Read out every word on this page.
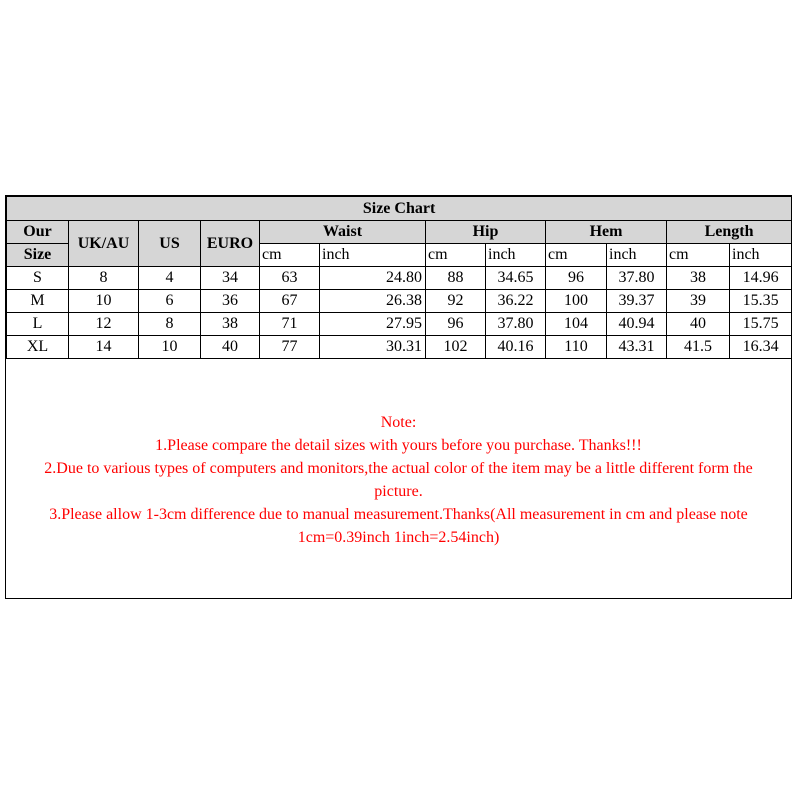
Size Chart											
Our	UK/AU	US	EURO	Waist		Hip		Hem		Length	
Size				cm	inch	cm	inch	cm	inch	cm	inch
S	8	4	34	63	24.80	88	34.65	96	37.80	38	14.96
M	10	6	36	67	26.38	92	36.22	100	39.37	39	15.35
L	12	8	38	71	27.95	96	37.80	104	40.94	40	15.75
XL	14	10	40	77	30.31	102	40.16	110	43.31	41.5	16.34
Note:
1.Please compare the detail sizes with yours before you purchase. Thanks!!!
2.Due to various types of computers and monitors,the actual color of the item may be a little different form the
picture.
3.Please allow 1-3cm difference due to manual measurement.Thanks(All measurement in cm and please note
1cm=0.39inch 1inch=2.54inch)
